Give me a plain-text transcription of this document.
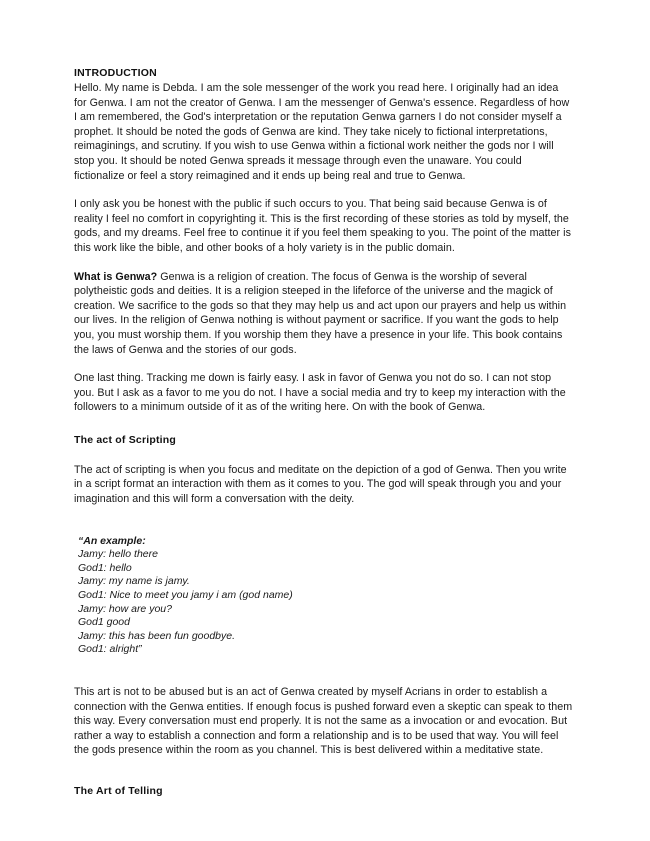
INTRODUCTION

Hello. My name is Debda. I am the sole messenger of the work you read here. I originally had an idea for Genwa. I am not the creator of Genwa. I am the messenger of Genwa's essence. Regardless of how I am remembered, the God's interpretation or the reputation Genwa garners I do not consider myself a prophet. It should be noted the gods of Genwa are kind. They take nicely to fictional interpretations, reimaginings, and scrutiny. If you wish to use Genwa within a fictional work neither the gods nor I will stop you. It should be noted Genwa spreads it message through even the unaware. You could fictionalize or feel a story reimagined and it ends up being real and true to Genwa.

I only ask you be honest with the public if such occurs to you. That being said because Genwa is of reality I feel no comfort in copyrighting it. This is the first recording of these stories as told by myself, the gods, and my dreams. Feel free to continue it if you feel them speaking to you. The point of the matter is this work like the bible, and other books of a holy variety is in the public domain.

What is Genwa? Genwa is a religion of creation. The focus of Genwa is the worship of several polytheistic gods and deities. It is a religion steeped in the lifeforce of the universe and the magick of creation. We sacrifice to the gods so that they may help us and act upon our prayers and help us within our lives. In the religion of Genwa nothing is without payment or sacrifice. If you want the gods to help you, you must worship them. If you worship them they have a presence in your life. This book contains the laws of Genwa and the stories of our gods.

One last thing. Tracking me down is fairly easy. I ask in favor of Genwa you not do so. I can not stop you. But I ask as a favor to me you do not. I have a social media and try to keep my interaction with the followers to a minimum outside of it as of the writing here. On with the book of Genwa.

The act of Scripting

The act of scripting is when you focus and meditate on the depiction of a god of Genwa. Then you write in a script format an interaction with them as it comes to you. The god will speak through you and your imagination and this will form a conversation with the deity.

“An example:
Jamy: hello there
God1: hello
Jamy: my name is jamy.
God1: Nice to meet you jamy i am (god name)
Jamy: how are you?
God1 good
Jamy: this has been fun goodbye.
God1: alright”

This art is not to be abused but is an act of Genwa created by myself Acrians in order to establish a connection with the Genwa entities. If enough focus is pushed forward even a skeptic can speak to them this way. Every conversation must end properly. It is not the same as a invocation or and evocation. But rather a way to establish a connection and form a relationship and is to be used that way. You will feel the gods presence within the room as you channel. This is best delivered within a meditative state.

The Art of Telling
